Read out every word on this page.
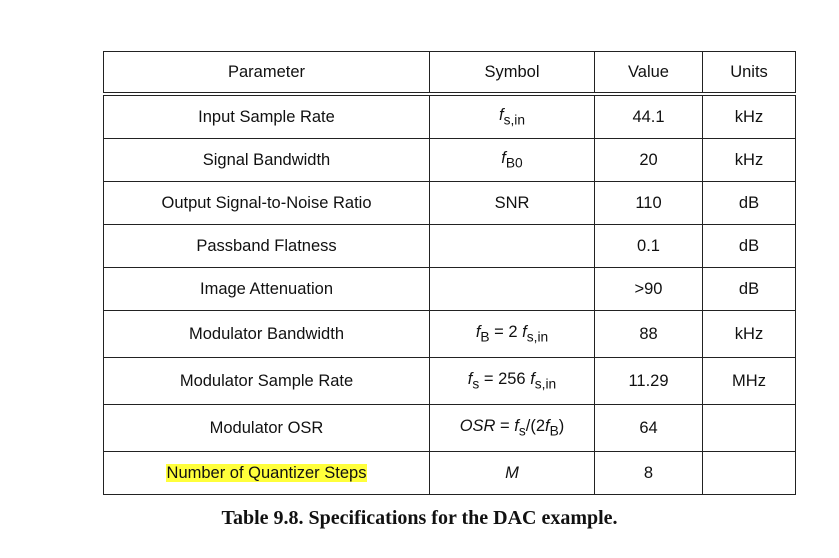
Parameter	Symbol	Value	Units
Input Sample Rate	$f_{s,in}$	44.1	kHz
Signal Bandwidth	$f_{B0}$	20	kHz
Output Signal-to-Noise Ratio	SNR	110	dB
Passband Flatness		0.1	dB
Image Attenuation		>90	dB
Modulator Bandwidth	$f_B = 2$ $f_{s,in}$	88	kHz
Modulator Sample Rate	$f_s = 256$ $f_{s,in}$	11.29	MHz
Modulator OSR	OSR = $f_s/(2f_B)$	64	
Number of Quantizer Steps	M	8	
Table 9.8. Specifications for the DAC example.
